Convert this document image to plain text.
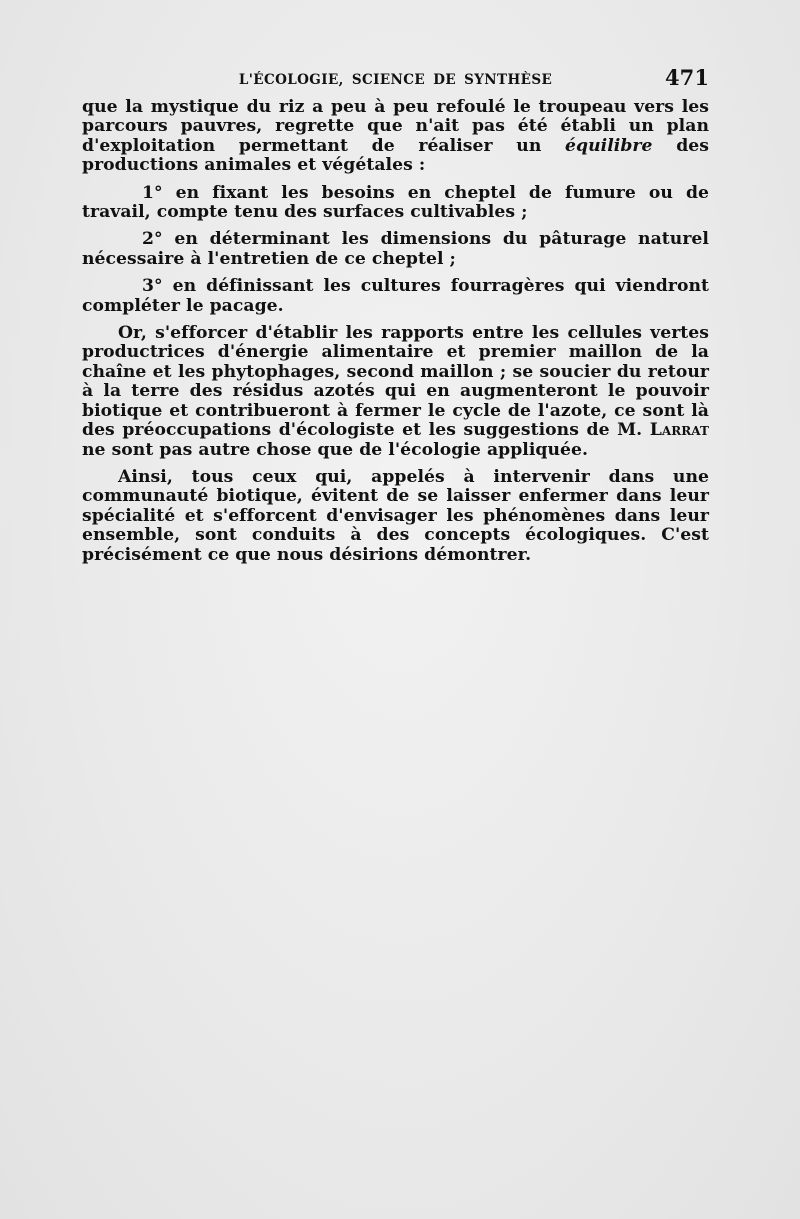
L'ÉCOLOGIE, SCIENCE DE SYNTHÈSE	471

que la mystique du riz a peu à peu refoulé le troupeau vers les parcours pauvres, regrette que n'ait pas été établi un plan d'exploitation permettant de réaliser un équilibre des productions animales et végétales :

1° en fixant les besoins en cheptel de fumure ou de travail, compte tenu des surfaces cultivables ;

2° en déterminant les dimensions du pâturage naturel nécessaire à l'entretien de ce cheptel ;

3° en définissant les cultures fourragères qui viendront compléter le pacage.

Or, s'efforcer d'établir les rapports entre les cellules vertes productrices d'énergie alimentaire et premier maillon de la chaîne et les phytophages, second maillon ; se soucier du retour à la terre des résidus azotés qui en augmenteront le pouvoir biotique et contribueront à fermer le cycle de l'azote, ce sont là des préoccupations d'écologiste et les suggestions de M. Larrat ne sont pas autre chose que de l'écologie appliquée.

Ainsi, tous ceux qui, appelés à intervenir dans une communauté biotique, évitent de se laisser enfermer dans leur spécialité et s'efforcent d'envisager les phénomènes dans leur ensemble, sont conduits à des concepts écologiques. C'est précisément ce que nous désirions démontrer.
